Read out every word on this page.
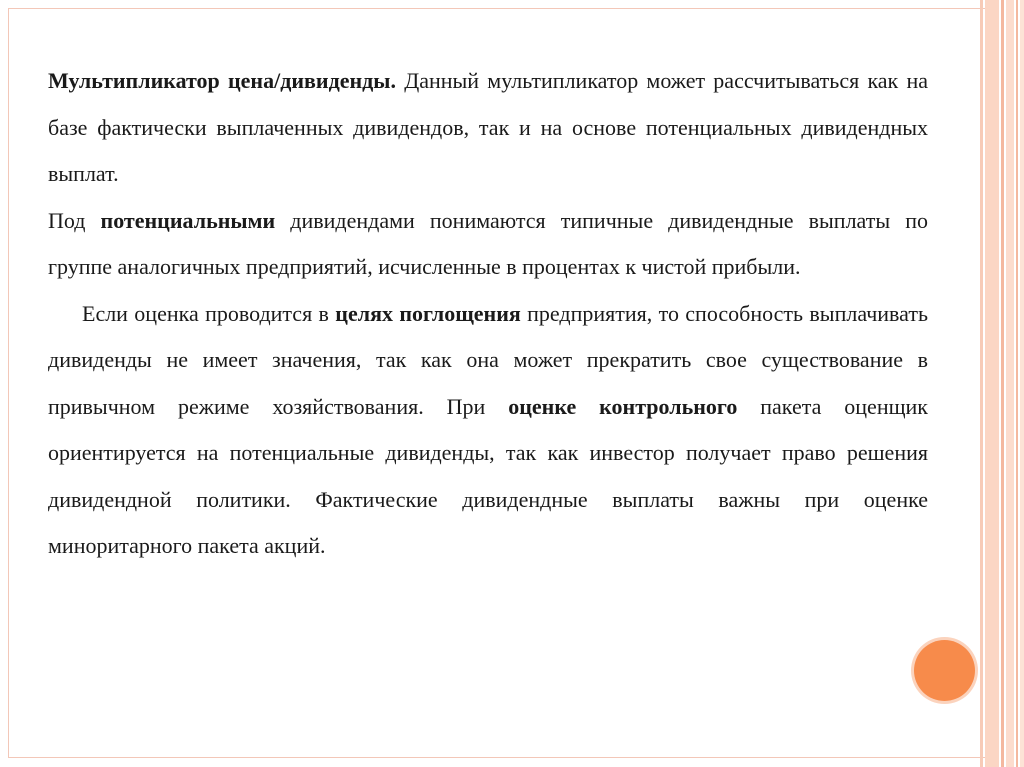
Мультипликатор цена/дивиденды. Данный мультипликатор может рассчитываться как на базе фактически выплаченных дивидендов, так и на основе потенциальных дивидендных выплат.

Под потенциальными дивидендами понимаются типичные дивидендные выплаты по группе аналогичных предприятий, исчисленные в процентах к чистой прибыли.

Если оценка проводится в целях поглощения предприятия, то способность выплачивать дивиденды не имеет значения, так как она может прекратить свое существование в привычном режиме хозяйствования. При оценке контрольного пакета оценщик ориентируется на потенциальные дивиденды, так как инвестор получает право решения дивидендной политики. Фактические дивидендные выплаты важны при оценке миноритарного пакета акций.
